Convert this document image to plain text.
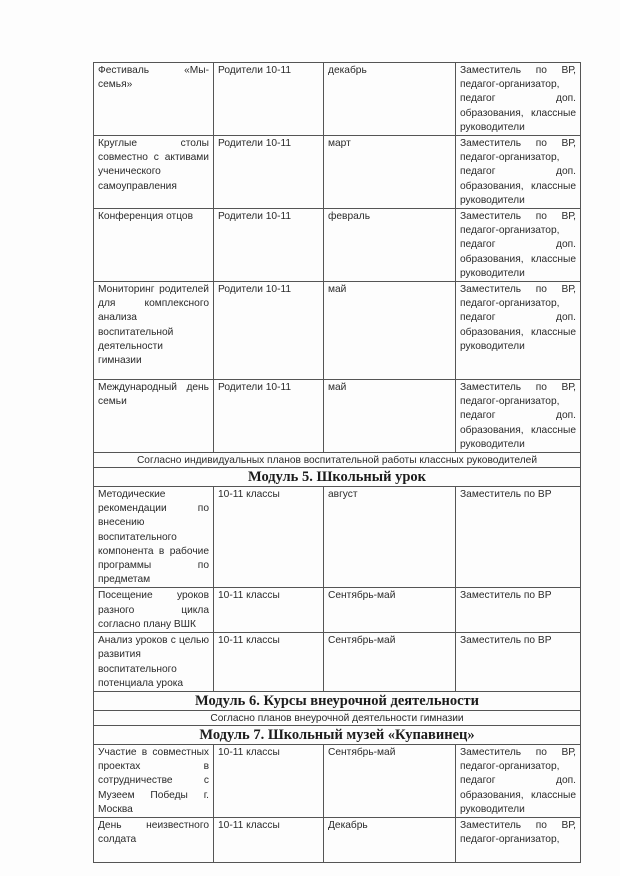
Фестиваль «Мы-семья»	Родители 10-11	декабрь	Заместитель по ВР, педагог-организатор, педагог доп. образования, классные руководители
Круглые столы совместно с активами ученического самоуправления	Родители 10-11	март	Заместитель по ВР, педагог-организатор, педагог доп. образования, классные руководители
Конференция отцов	Родители 10-11	февраль	Заместитель по ВР, педагог-организатор, педагог доп. образования, классные руководители
Мониторинг родителей для комплексного анализа воспитательной деятельности гимназии	Родители 10-11	май	Заместитель по ВР, педагог-организатор, педагог доп. образования, классные руководители
Международный день семьи	Родители 10-11	май	Заместитель по ВР, педагог-организатор, педагог доп. образования, классные руководители
Согласно индивидуальных планов воспитательной работы классных руководителей			
Модуль 5. Школьный урок			
Методические рекомендации по внесению воспитательного компонента в рабочие программы по предметам	10-11 классы	август	Заместитель по ВР
Посещение уроков разного цикла согласно плану ВШК	10-11 классы	Сентябрь-май	Заместитель по ВР
Анализ уроков с целью развития воспитательного потенциала урока	10-11 классы	Сентябрь-май	Заместитель по ВР
Модуль 6. Курсы внеурочной деятельности			
Согласно планов внеурочной деятельности гимназии			
Модуль 7. Школьный музей «Купавинец»			
Участие в совместных проектах в сотрудничестве с Музеем Победы г. Москва	10-11 классы	Сентябрь-май	Заместитель по ВР, педагог-организатор, педагог доп. образования, классные руководители
День неизвестного солдата	10-11 классы	Декабрь	Заместитель по ВР, педагог-организатор,
